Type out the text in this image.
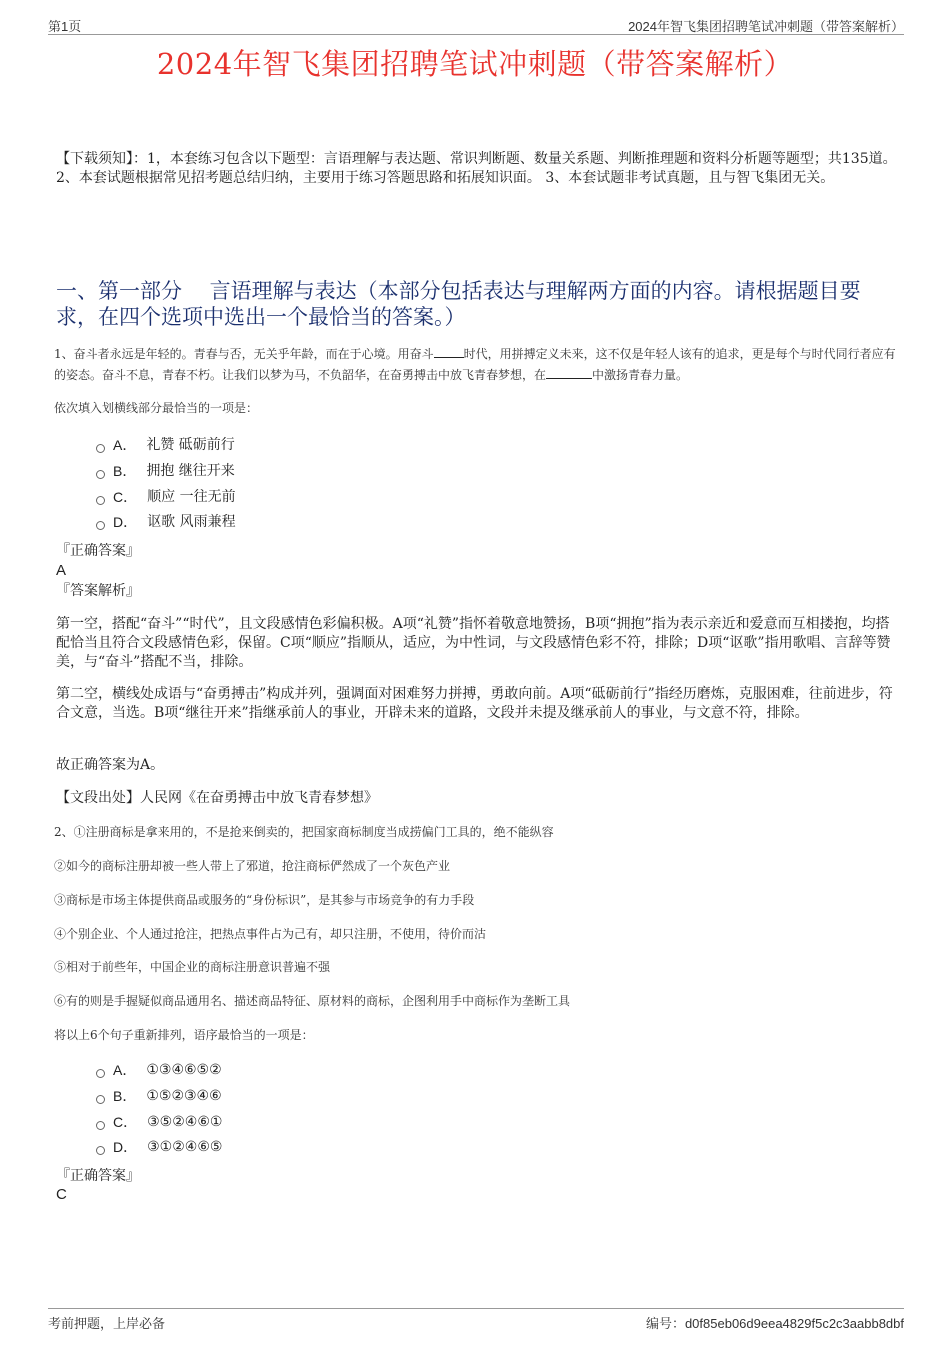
第1页	2024年智飞集团招聘笔试冲刺题（带答案解析）
2024年智飞集团招聘笔试冲刺题（带答案解析）
【下载须知】：1，本套练习包含以下题型：言语理解与表达题、常识判断题、数量关系题、判断推理题和资料分析题等题型；共135道。 2、本套试题根据常见招考题总结归纳，主要用于练习答题思路和拓展知识面。 3、本套试题非考试真题，且与智飞集团无关。
一、第一部分　 言语理解与表达（本部分包括表达与理解两方面的内容。请根据题目要求，在四个选项中选出一个最恰当的答案。）
1、奋斗者永远是年轻的。青春与否，无关乎年龄，而在于心境。用奋斗	时代，用拼搏定义未来，这不仅是年轻人该有的追求，更是每个与时代同行者应有的姿态。奋斗不息，青春不朽。让我们以梦为马，不负韶华，在奋勇搏击中放飞青春梦想，在	中激扬青春力量。
依次填入划横线部分最恰当的一项是：
A． 礼赞 砥砺前行
B． 拥抱 继往开来
C． 顺应 一往无前
D． 讴歌 风雨兼程
『正确答案』
A
『答案解析』
第一空，搭配“奋斗”“时代”，且文段感情色彩偏积极。A项“礼赞”指怀着敬意地赞扬，B项“拥抱”指为表示亲近和爱意而互相搂抱，均搭配恰当且符合文段感情色彩，保留。C项“顺应”指顺从，适应，为中性词，与文段感情色彩不符，排除；D项“讴歌”指用歌唱、言辞等赞美，与“奋斗”搭配不当，排除。
第二空，横线处成语与“奋勇搏击”构成并列，强调面对困难努力拼搏，勇敢向前。A项“砥砺前行”指经历磨炼，克服困难，往前进步，符合文意，当选。B项“继往开来”指继承前人的事业，开辟未来的道路，文段并未提及继承前人的事业，与文意不符，排除。
故正确答案为A。
【文段出处】人民网《在奋勇搏击中放飞青春梦想》
2、①注册商标是拿来用的，不是抢来倒卖的，把国家商标制度当成捞偏门工具的，绝不能纵容
②如今的商标注册却被一些人带上了邪道，抢注商标俨然成了一个灰色产业
③商标是市场主体提供商品或服务的“身份标识”，是其参与市场竞争的有力手段
④个别企业、个人通过抢注，把热点事件占为己有，却只注册，不使用，待价而沽
⑤相对于前些年，中国企业的商标注册意识普遍不强
⑥有的则是手握疑似商品通用名、描述商品特征、原材料的商标，企图利用手中商标作为垄断工具
将以上6个句子重新排列，语序最恰当的一项是：
A． ①③④⑥⑤②
B． ①⑤②③④⑥
C． ③⑤②④⑥①
D． ③①②④⑥⑤
『正确答案』
C
考前押题，上岸必备	编号：d0f85eb06d9eea4829f5c2c3aabb8dbf
